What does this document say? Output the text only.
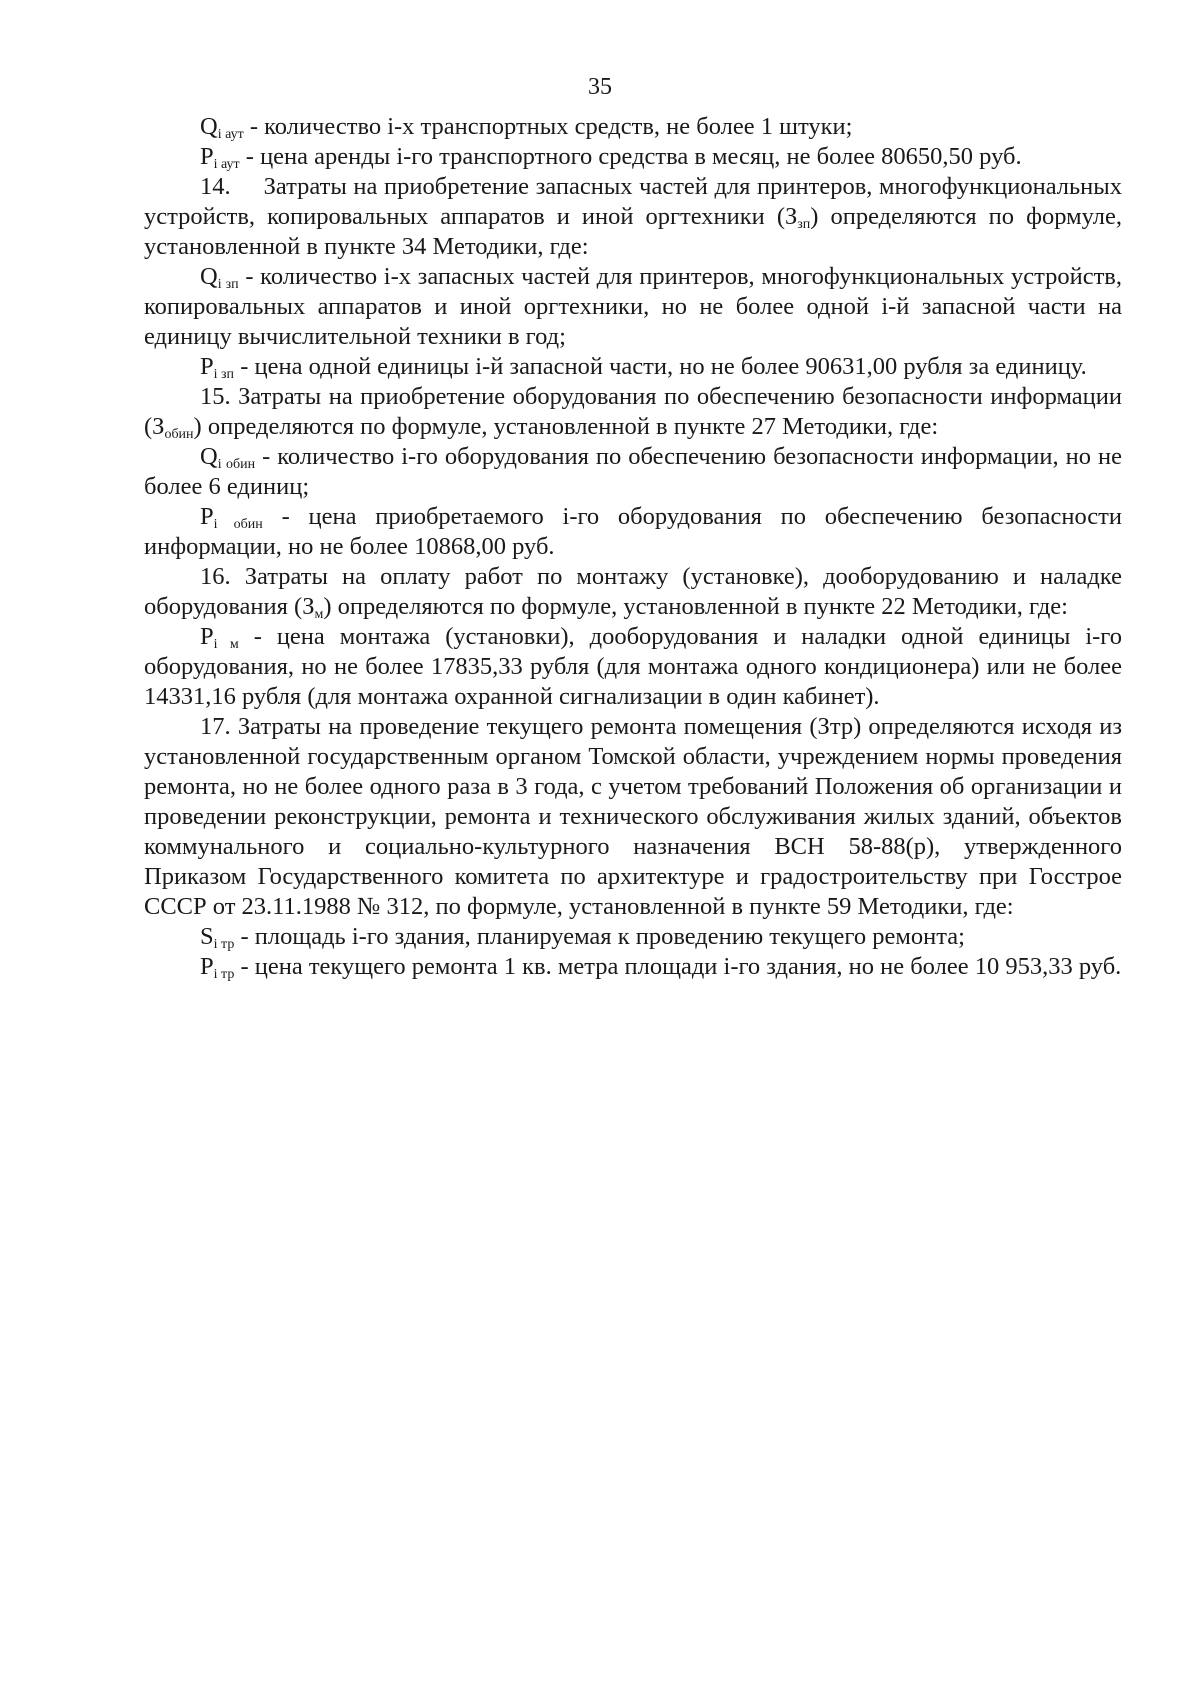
35

$Q_{i аут}$ - количество i-х транспортных средств, не более 1 штуки;

$P_{i аут}$ - цена аренды i-го транспортного средства в месяц, не более 80650,50 руб.

14.     Затраты на приобретение запасных частей для принтеров, многофункциональных устройств, копировальных аппаратов и иной оргтехники $(З_{зп})$ определяются по формуле, установленной в пункте 34 Методики, где:

$Q_{i зп}$ - количество i-х запасных частей для принтеров, многофункциональных устройств, копировальных аппаратов и иной оргтехники, но не более одной i-й запасной части на единицу вычислительной техники в год;

$P_{i зп}$ - цена одной единицы i-й запасной части, но не более 90631,00 рубля за единицу.

15. Затраты на приобретение оборудования по обеспечению безопасности информации $(З_{обин})$ определяются по формуле, установленной в пункте 27 Методики, где:

$Q_{i обин}$ - количество i-го оборудования по обеспечению безопасности информации, но не более 6 единиц;

$P_{i обин}$ - цена приобретаемого i-го оборудования по обеспечению безопасности информации, но не более 10868,00 руб.

16. Затраты на оплату работ по монтажу (установке), дооборудованию и наладке оборудования $(З_м)$ определяются по формуле, установленной в пункте 22 Методики, где:

$P_{i м}$ - цена монтажа (установки), дооборудования и наладки одной единицы i-го оборудования, но не более 17835,33 рубля (для монтажа одного кондиционера) или не более 14331,16 рубля (для монтажа охранной сигнализации в один кабинет).

17. Затраты на проведение текущего ремонта помещения (Зтр) определяются исходя из установленной государственным органом Томской области, учреждением нормы проведения ремонта, но не более одного раза в 3 года, с учетом требований Положения об организации и проведении реконструкции, ремонта и технического обслуживания жилых зданий, объектов коммунального и социально-культурного назначения ВСН 58-88(р), утвержденного Приказом Государственного комитета по архитектуре и градостроительству при Госстрое СССР от 23.11.1988 № 312, по формуле, установленной в пункте 59 Методики, где:

$S_{i тр}$ - площадь i-го здания, планируемая к проведению текущего ремонта;

$P_{i тр}$ - цена текущего ремонта 1 кв. метра площади i-го здания, но не более 10 953,33 руб.
